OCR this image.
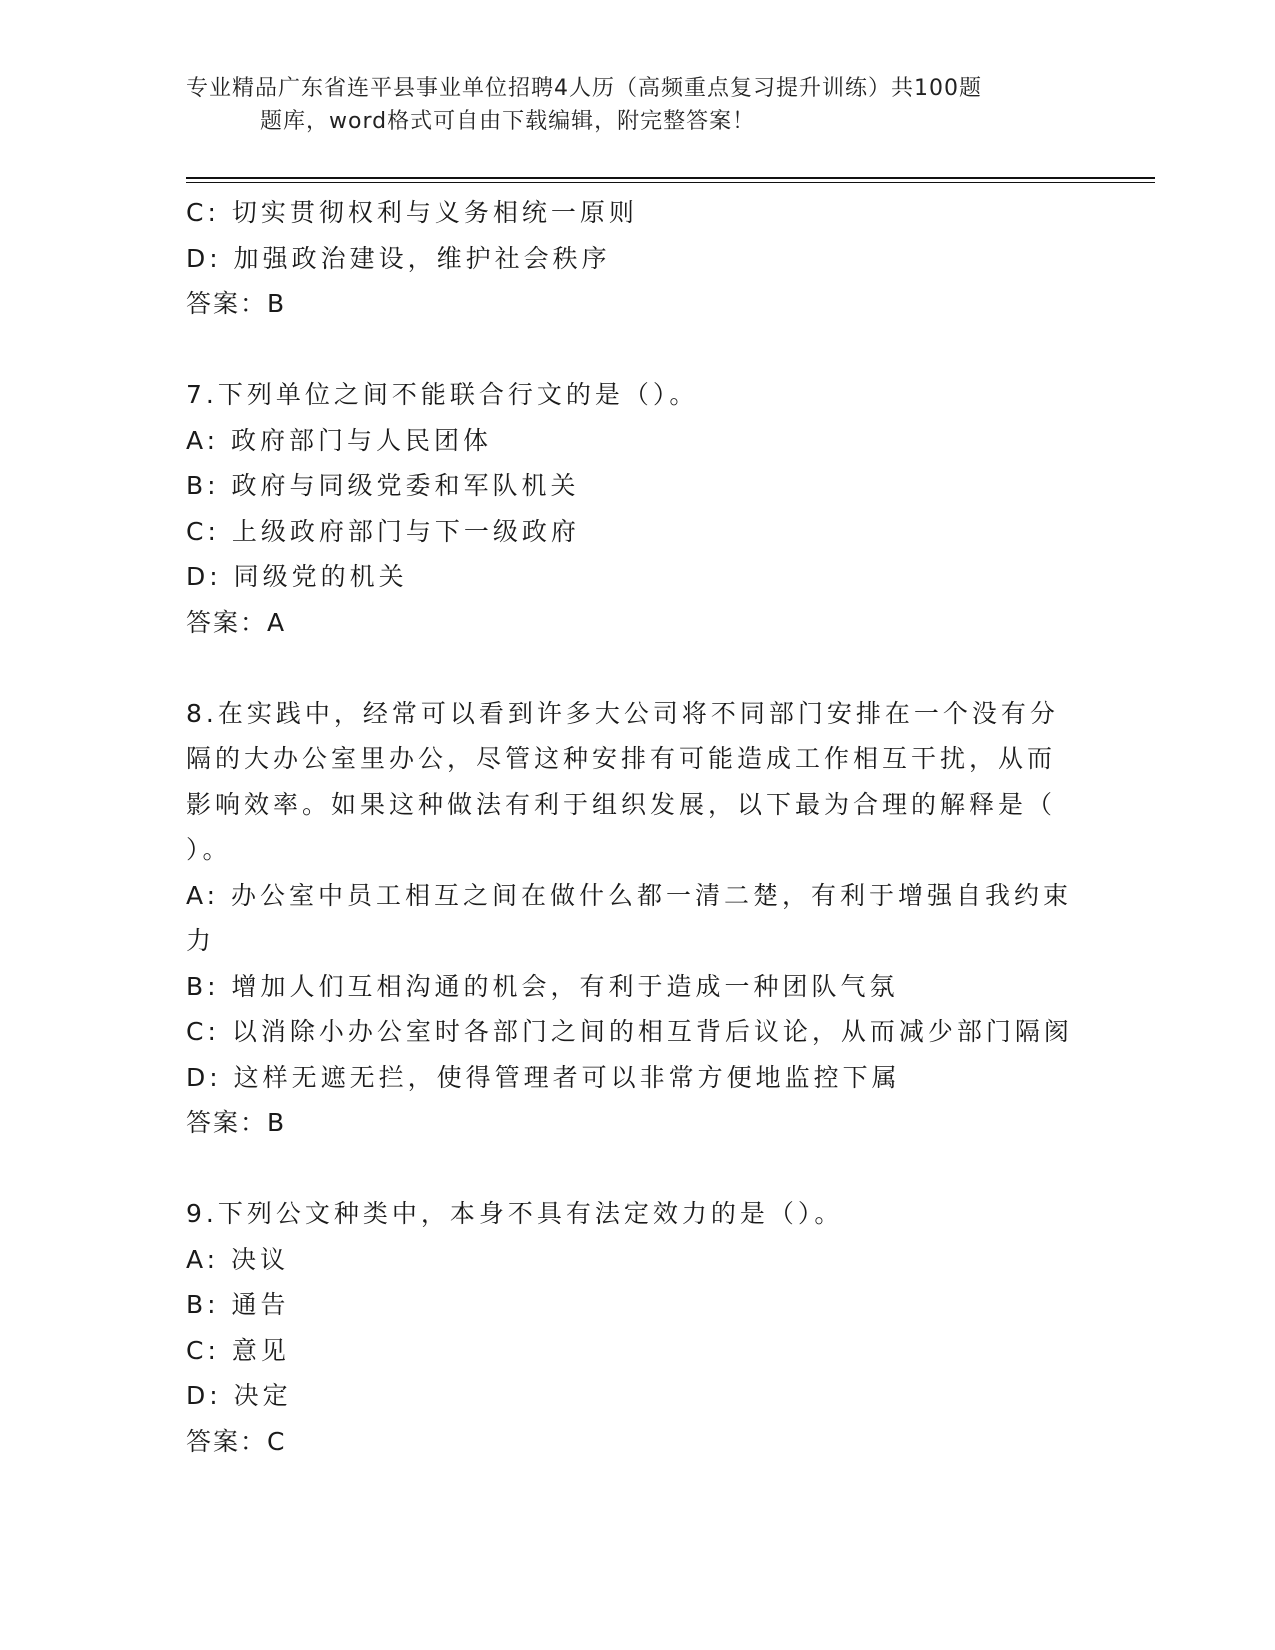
专业精品广东省连平县事业单位招聘4人历（高频重点复习提升训练）共100题
题库，word格式可自由下载编辑，附完整答案！
C: 切实贯彻权利与义务相统一原则
D: 加强政治建设，维护社会秩序
答案：B
7.下列单位之间不能联合行文的是（）。
A: 政府部门与人民团体
B: 政府与同级党委和军队机关
C: 上级政府部门与下一级政府
D: 同级党的机关
答案：A
8.在实践中，经常可以看到许多大公司将不同部门安排在一个没有分
隔的大办公室里办公，尽管这种安排有可能造成工作相互干扰，从而
影响效率。如果这种做法有利于组织发展，以下最为合理的解释是（
）。
A: 办公室中员工相互之间在做什么都一清二楚，有利于增强自我约束
力
B: 增加人们互相沟通的机会，有利于造成一种团队气氛
C: 以消除小办公室时各部门之间的相互背后议论，从而减少部门隔阂
D: 这样无遮无拦，使得管理者可以非常方便地监控下属
答案：B
9.下列公文种类中，本身不具有法定效力的是（）。
A: 决议
B: 通告
C: 意见
D: 决定
答案：C
